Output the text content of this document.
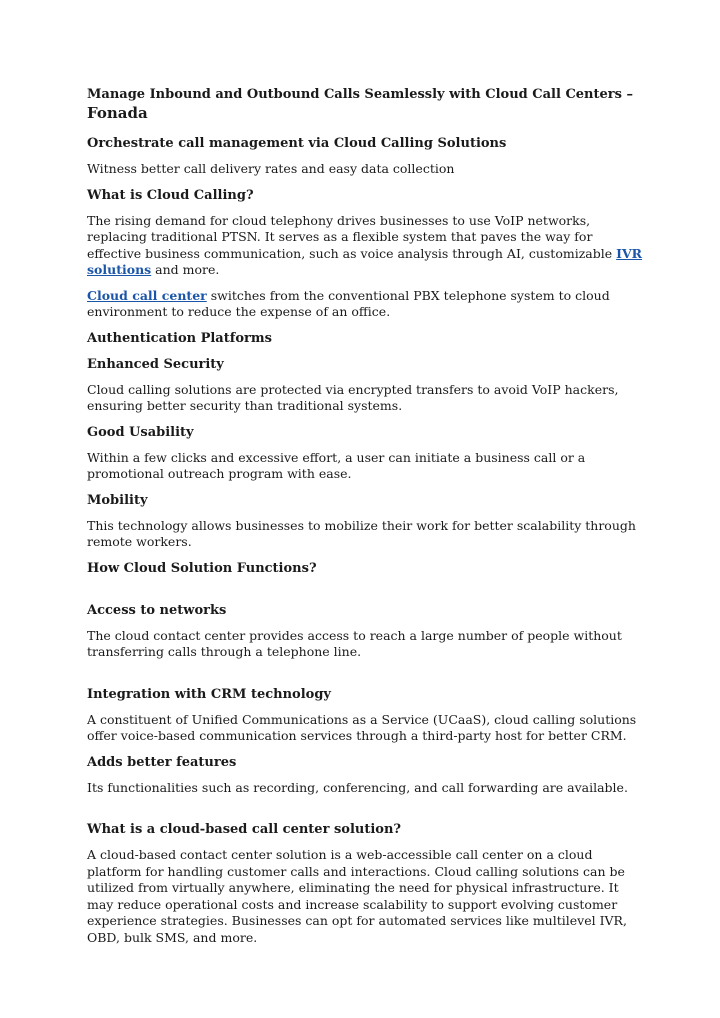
Manage Inbound and Outbound Calls Seamlessly with Cloud Call Centers –
Fonada
Orchestrate call management via Cloud Calling Solutions

Witness better call delivery rates and easy data collection

What is Cloud Calling?

The rising demand for cloud telephony drives businesses to use VoIP networks, replacing traditional PTSN. It serves as a flexible system that paves the way for effective business communication, such as voice analysis through AI, customizable IVR solutions and more.

Cloud call center switches from the conventional PBX telephone system to cloud environment to reduce the expense of an office.

Authentication Platforms
Enhanced Security

Cloud calling solutions are protected via encrypted transfers to avoid VoIP hackers, ensuring better security than traditional systems.

Good Usability

Within a few clicks and excessive effort, a user can initiate a business call or a promotional outreach program with ease.

Mobility

This technology allows businesses to mobilize their work for better scalability through remote workers.

How Cloud Solution Functions?
Access to networks

The cloud contact center provides access to reach a large number of people without transferring calls through a telephone line.

Integration with CRM technology

A constituent of Unified Communications as a Service (UCaaS), cloud calling solutions offer voice-based communication services through a third-party host for better CRM.

Adds better features

Its functionalities such as recording, conferencing, and call forwarding are available.

What is a cloud-based call center solution?

A cloud-based contact center solution is a web-accessible call center on a cloud platform for handling customer calls and interactions. Cloud calling solutions can be utilized from virtually anywhere, eliminating the need for physical infrastructure. It may reduce operational costs and increase scalability to support evolving customer experience strategies. Businesses can opt for automated services like multilevel IVR, OBD, bulk SMS, and more.
